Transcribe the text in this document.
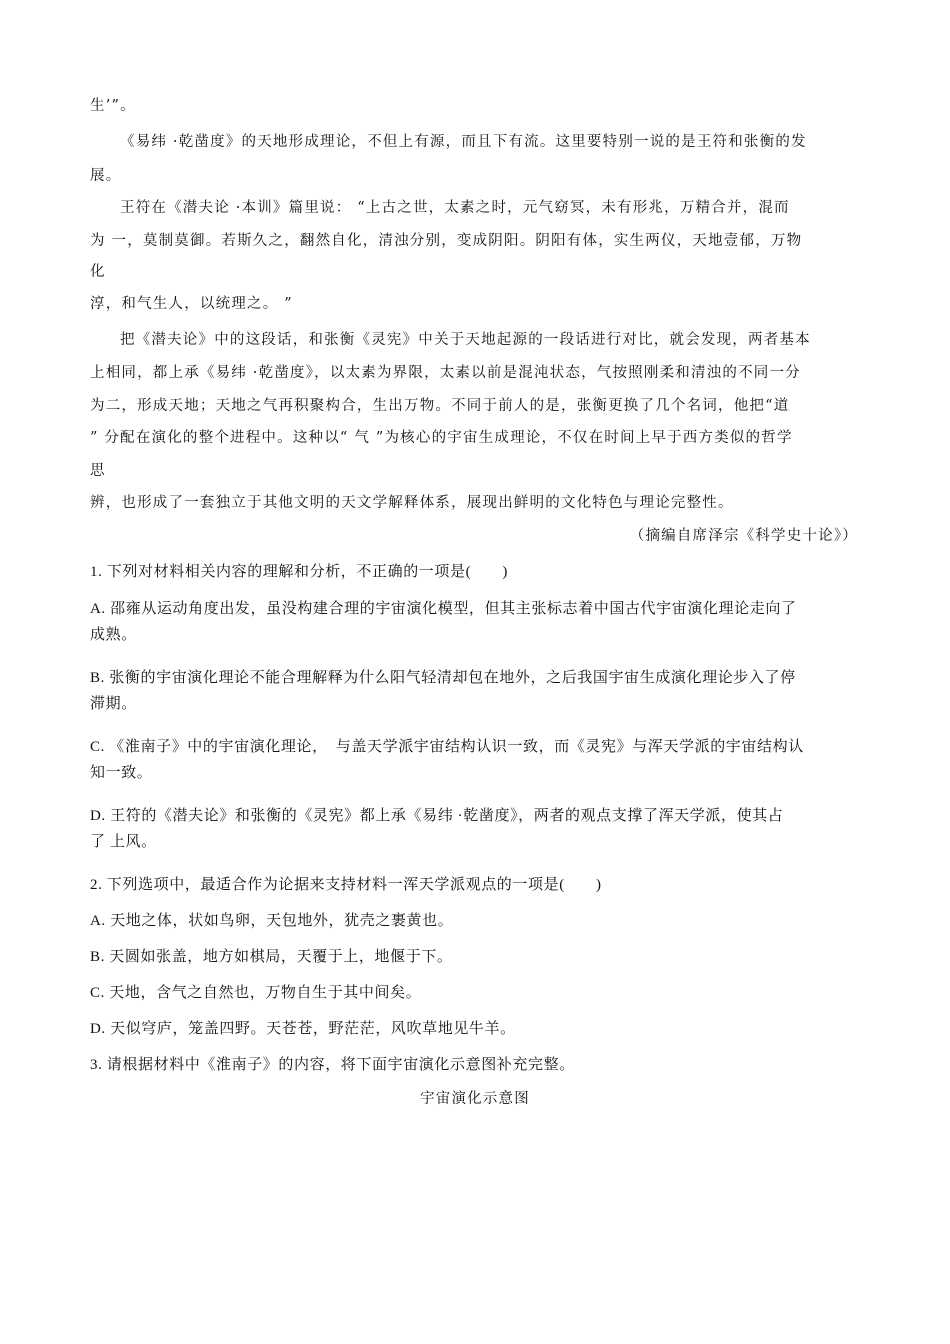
生’”。
《易纬 ·乾凿度》的天地形成理论，不但上有源，而且下有流。这里要特别一说的是王符和张衡的发
展。
王符在《潜夫论 ·本训》篇里说： “上古之世，太素之时，元气窈冥，未有形兆，万精合并，混而
为 一，莫制莫御。若斯久之，翻然自化，清浊分别，变成阴阳。阴阳有体，实生两仪，天地壹郁，万物
化
淳，和气生人，以统理之。 ”
把《潜夫论》中的这段话，和张衡《灵宪》中关于天地起源的一段话进行对比，就会发现，两者基本
上相同，都上承《易纬 ·乾凿度》，以太素为界限，太素以前是混沌状态，气按照刚柔和清浊的不同一分
为二，形成天地；天地之气再积聚构合，生出万物。不同于前人的是，张衡更换了几个名词，他把“道
” 分配在演化的整个进程中。这种以“ 气 ”为核心的宇宙生成理论，不仅在时间上早于西方类似的哲学
思
辨，也形成了一套独立于其他文明的天文学解释体系，展现出鲜明的文化特色与理论完整性。
（摘编自席泽宗《科学史十论》）
1. 下列对材料相关内容的理解和分析，不正确的一项是(　　)
A. 邵雍从运动角度出发，虽没构建合理的宇宙演化模型，但其主张标志着中国古代宇宙演化理论走向了
成熟。
B. 张衡的宇宙演化理论不能合理解释为什么阳气轻清却包在地外，之后我国宇宙生成演化理论步入了停
滞期。
C. 《淮南子》中的宇宙演化理论，　与盖天学派宇宙结构认识一致，而《灵宪》与浑天学派的宇宙结构认
知一致。
D. 王符的《潜夫论》和张衡的《灵宪》都上承《易纬 ·乾凿度》，两者的观点支撑了浑天学派，使其占
了 上风。
2. 下列选项中，最适合作为论据来支持材料一浑天学派观点的一项是(　　)
A. 天地之体，状如鸟卵，天包地外，犹壳之裹黄也。
B. 天圆如张盖，地方如棋局，天覆于上，地偃于下。
C. 天地，含气之自然也，万物自生于其中间矣。
D. 天似穹庐，笼盖四野。天苍苍，野茫茫，风吹草地见牛羊。
3. 请根据材料中《淮南子》的内容，将下面宇宙演化示意图补充完整。
宇宙演化示意图
